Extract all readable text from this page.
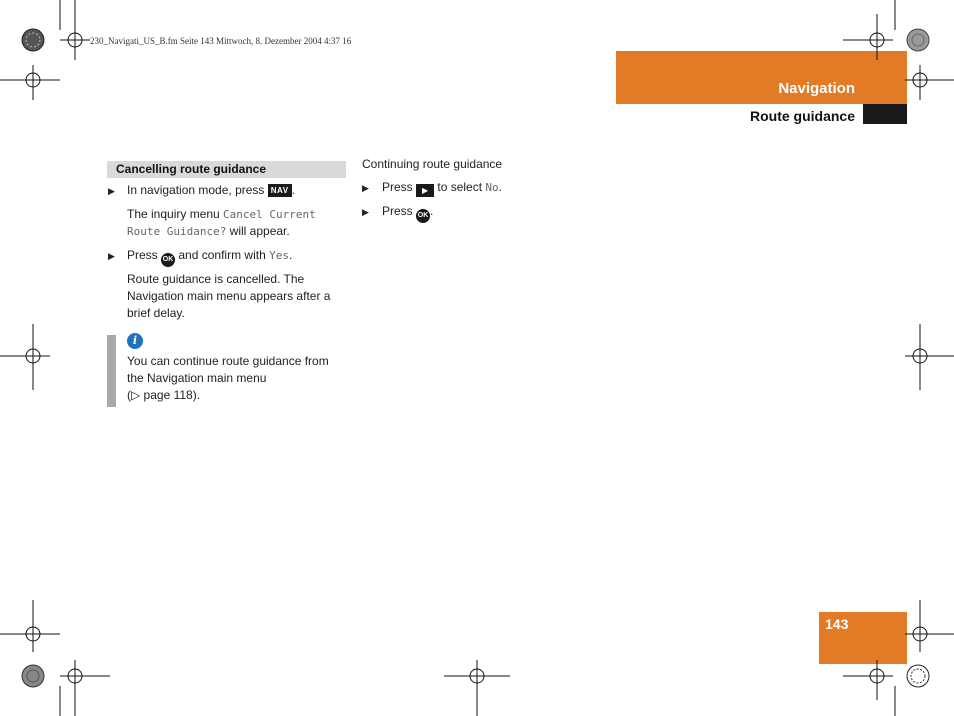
230_Navigati_US_B.fm Seite 143 Mittwoch, 8. Dezember 2004 4:37 16
Navigation
Route guidance
Cancelling route guidance
▶ In navigation mode, press NAV .
The inquiry menu Cancel Current
Route Guidance? will appear.
▶ Press OK and confirm with Yes.
Route guidance is cancelled. The
Navigation main menu appears after a
brief delay.
i
You can continue route guidance from
the Navigation main menu
(▷ page 118).
Continuing route guidance
▶ Press ▶ to select No.
▶ Press OK .
143
